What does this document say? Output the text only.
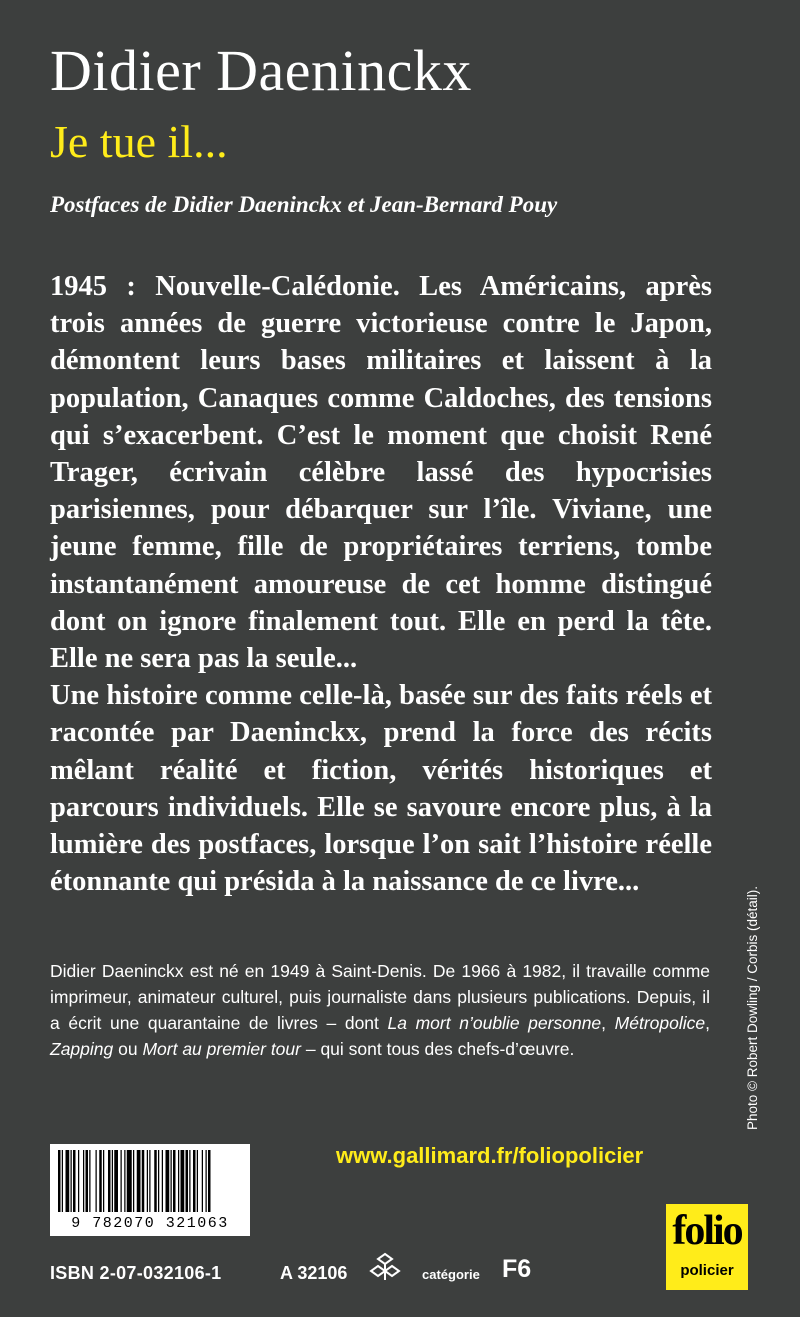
Didier Daeninckx
Je tue il...
Postfaces de Didier Daeninckx et Jean-Bernard Pouy

1945 : Nouvelle-Calédonie. Les Américains, après trois années de guerre victorieuse contre le Japon, démontent leurs bases militaires et laissent à la population, Canaques comme Caldoches, des tensions qui s’exacerbent. C’est le moment que choisit René Trager, écrivain célèbre lassé des hypocrisies parisiennes, pour débarquer sur l’île. Viviane, une jeune femme, fille de propriétaires terriens, tombe instantanément amoureuse de cet homme distingué dont on ignore finalement tout. Elle en perd la tête. Elle ne sera pas la seule...

Une histoire comme celle-là, basée sur des faits réels et racontée par Daeninckx, prend la force des récits mêlant réalité et fiction, vérités historiques et parcours individuels. Elle se savoure encore plus, à la lumière des postfaces, lorsque l’on sait l’histoire réelle étonnante qui présida à la naissance de ce livre...

Didier Daeninckx est né en 1949 à Saint-Denis. De 1966 à 1982, il travaille comme imprimeur, animateur culturel, puis journaliste dans plusieurs publications. Depuis, il a écrit une quarantaine de livres – dont La mort n’oublie personne, Métropolice, Zapping ou Mort au premier tour – qui sont tous des chefs-d’œuvre.	Photo © Robert Dowling / Corbis (détail).
9 782070 321063
www.gallimard.fr/foliopolicier
ISBN 2-07-032106-1	A 32106	catégorie F6
folio
policier
